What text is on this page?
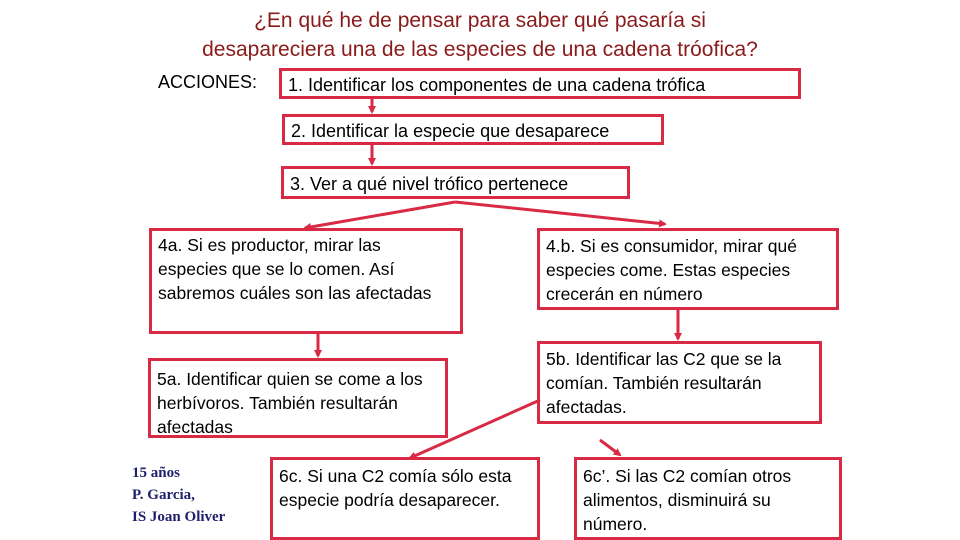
¿En qué he de pensar para saber qué pasaría si
desapareciera una de las especies de una cadena tróofica?
ACCIONES:	1. Identificar los componentes de una cadena trófica
2. Identificar la especie que desaparece
3. Ver a qué nivel trófico pertenece
4a. Si es productor, mirar las especies que se lo comen. Así sabremos cuáles son las afectadas
4.b. Si es consumidor, mirar qué especies come. Estas especies crecerán en número
5a. Identificar quien se come a los herbívoros. También resultarán afectadas
5b. Identificar las C2 que se la comían. También resultarán afectadas.
6c. Si una C2 comía sólo esta especie podría desaparecer.
6c’. Si las C2 comían otros alimentos, disminuirá su número.
15 años
P. Garcia,
IS Joan Oliver
